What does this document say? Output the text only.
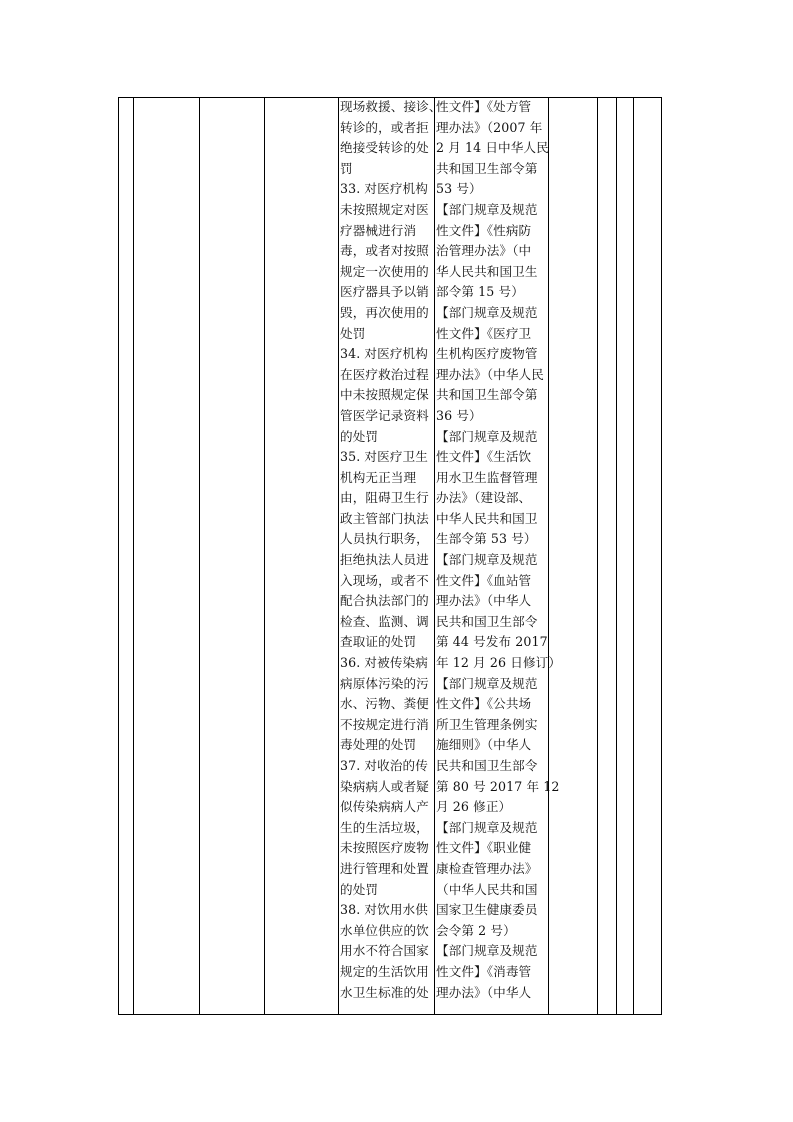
现场救援、接诊、
转诊的，或者拒
绝接受转诊的处
罚
33. 对医疗机构
未按照规定对医
疗器械进行消
毒，或者对按照
规定一次使用的
医疗器具予以销
毁，再次使用的
处罚
34. 对医疗机构
在医疗救治过程
中未按照规定保
管医学记录资料
的处罚
35. 对医疗卫生
机构无正当理
由，阻碍卫生行
政主管部门执法
人员执行职务，
拒绝执法人员进
入现场，或者不
配合执法部门的
检查、监测、调
查取证的处罚
36. 对被传染病
病原体污染的污
水、污物、粪便
不按规定进行消
毒处理的处罚
37. 对收治的传
染病病人或者疑
似传染病病人产
生的生活垃圾，
未按照医疗废物
进行管理和处置
的处罚
38. 对饮用水供
水单位供应的饮
用水不符合国家
规定的生活饮用
水卫生标准的处
性文件】《处方管
理办法》（2007 年
2 月 14 日中华人民
共和国卫生部令第
53 号）
【部门规章及规范
性文件】《性病防
治管理办法》（中
华人民共和国卫生
部令第 15 号）
【部门规章及规范
性文件】《医疗卫
生机构医疗废物管
理办法》（中华人民
共和国卫生部令第
36 号）
【部门规章及规范
性文件】《生活饮
用水卫生监督管理
办法》（建设部、
中华人民共和国卫
生部令第 53 号）
【部门规章及规范
性文件】《血站管
理办法》（中华人
民共和国卫生部令
第 44 号发布 2017
年 12 月 26 日修订）
【部门规章及规范
性文件】《公共场
所卫生管理条例实
施细则》（中华人
民共和国卫生部令
第 80 号 2017 年 12
月 26 修正）
【部门规章及规范
性文件】《职业健
康检查管理办法》
（中华人民共和国
国家卫生健康委员
会令第 2 号）
【部门规章及规范
性文件】《消毒管
理办法》（中华人
